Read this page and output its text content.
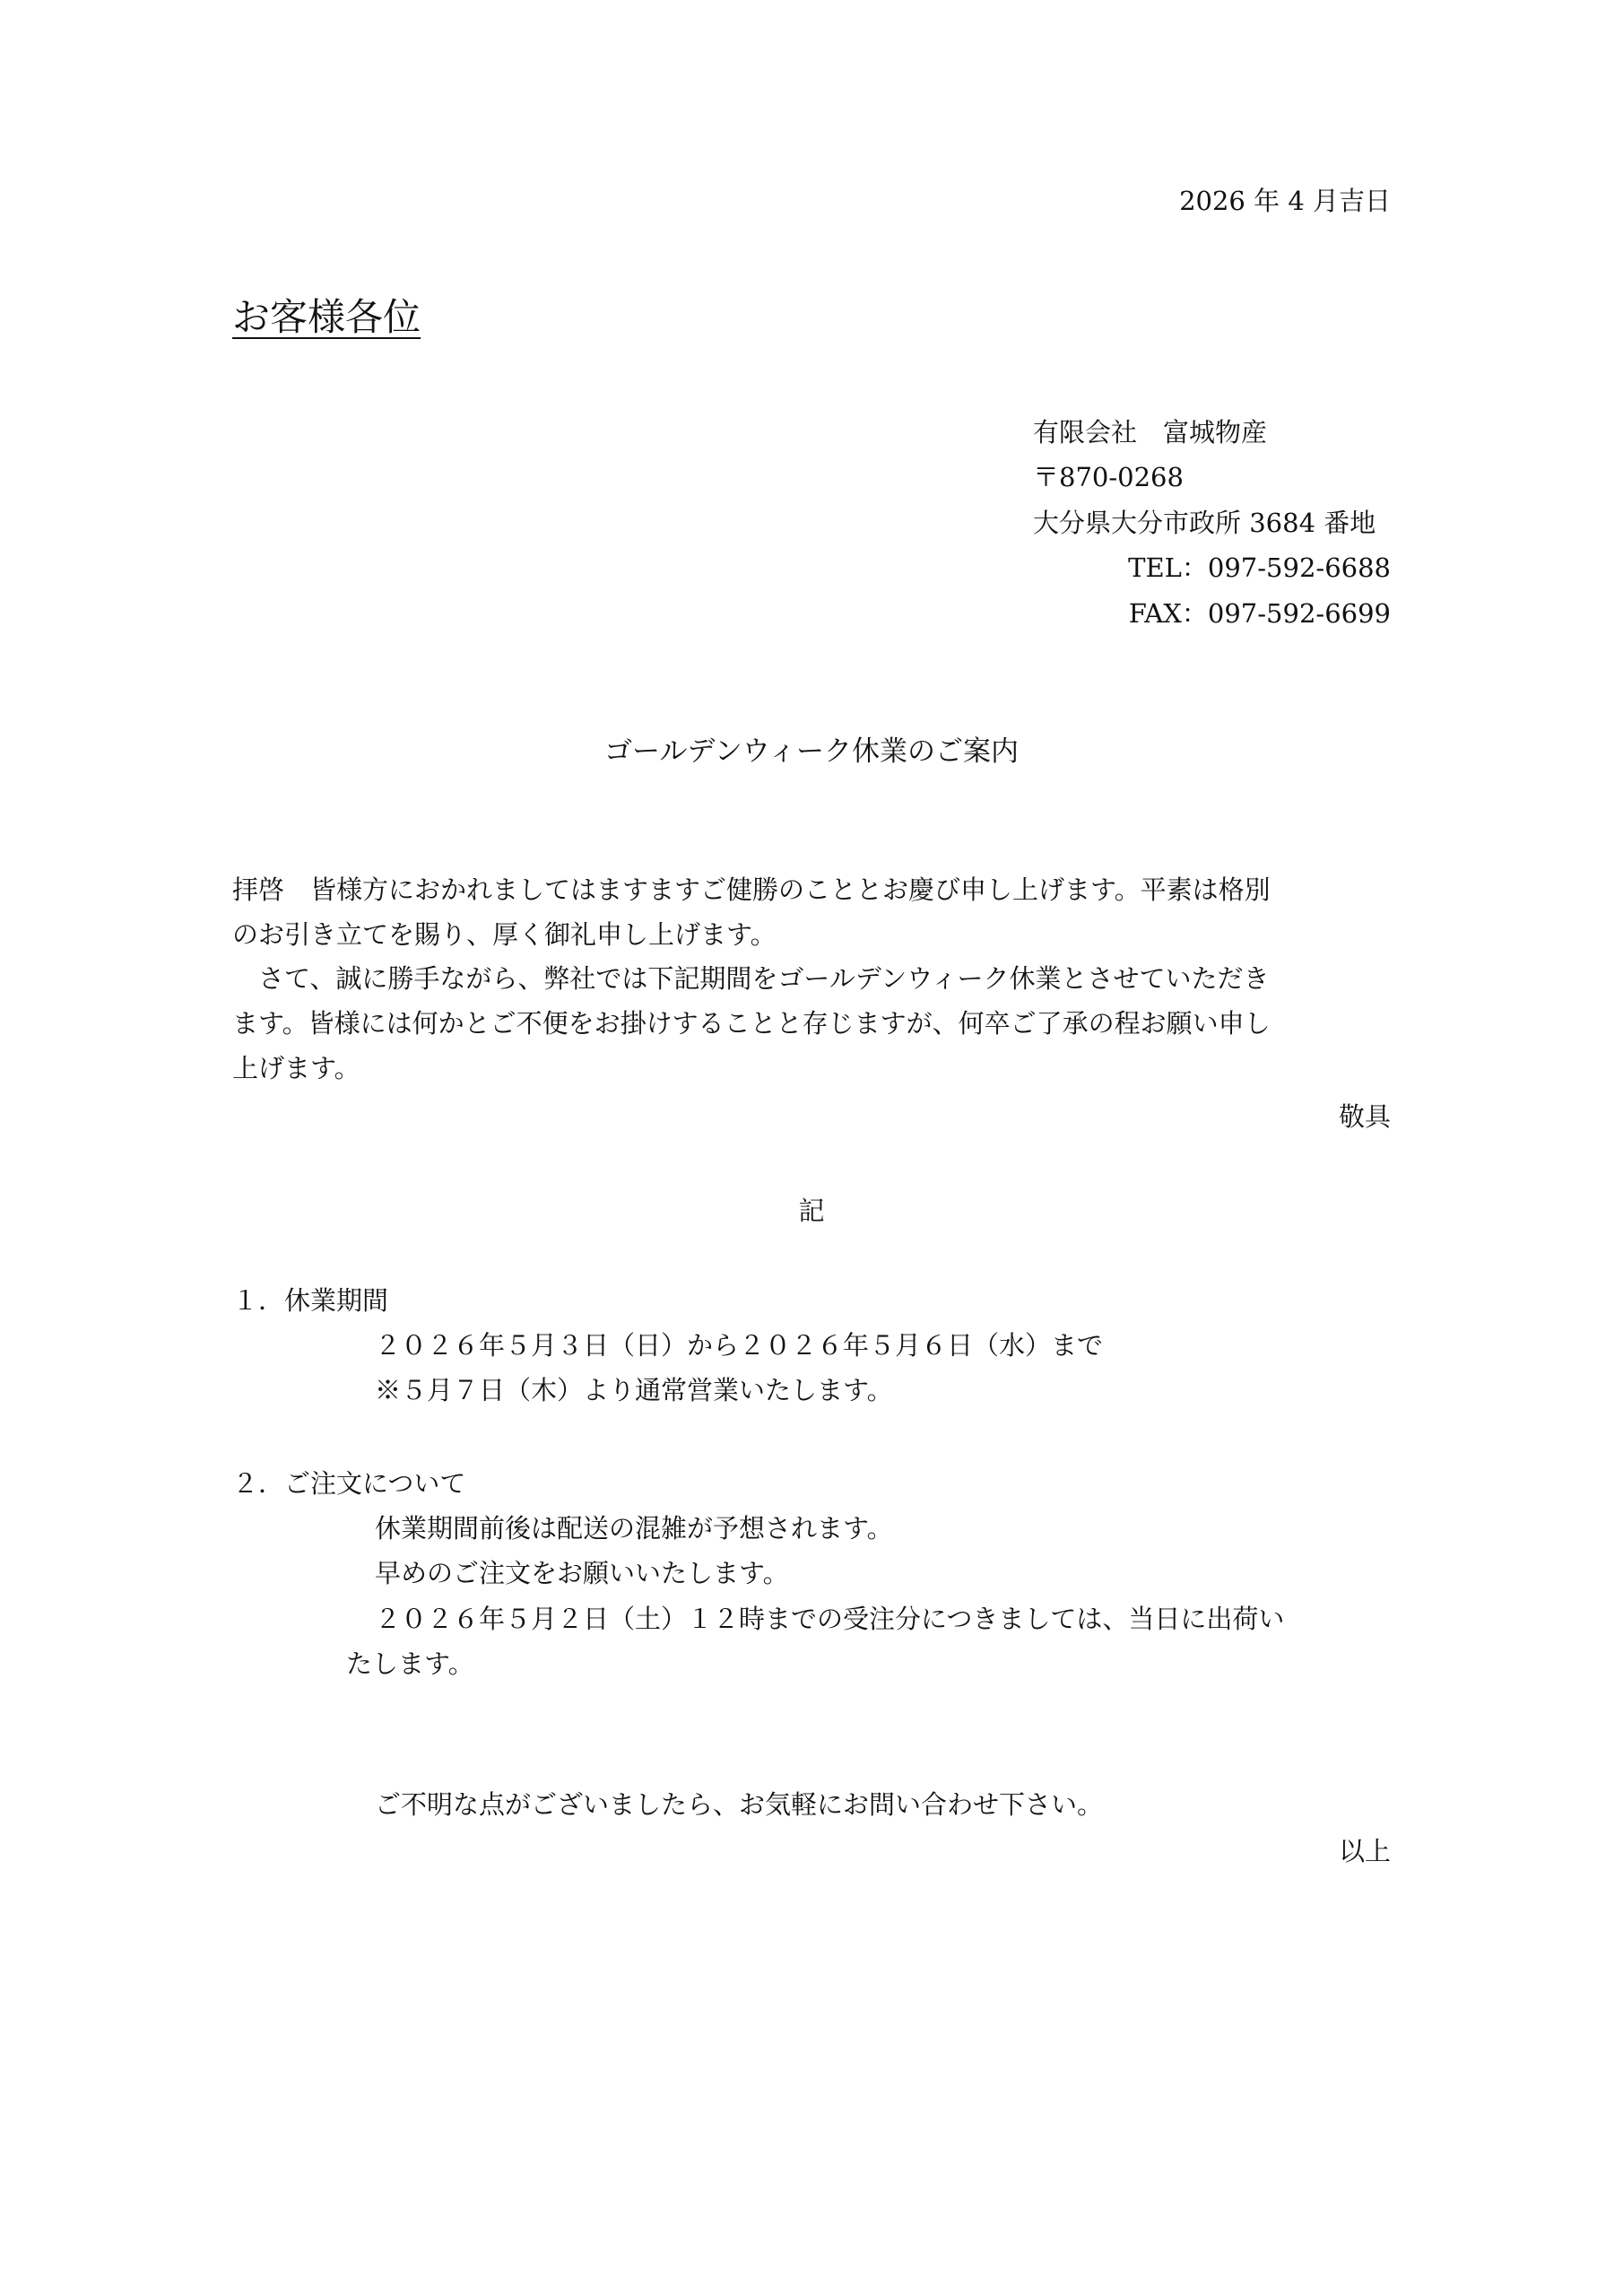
2026 年 4 月吉日
お客様各位
有限会社　富城物産
〒870-0268
大分県大分市政所 3684 番地
TEL：097-592-6688
FAX：097-592-6699
ゴールデンウィーク休業のご案内
拝啓　皆様方におかれましてはますますご健勝のこととお慶び申し上げます。平素は格別
のお引き立てを賜り、厚く御礼申し上げます。
　さて、誠に勝手ながら、弊社では下記期間をゴールデンウィーク休業とさせていただき
ます。皆様には何かとご不便をお掛けすることと存じますが、何卒ご了承の程お願い申し
上げます。
敬具
記
１．休業期間
２０２６年５月３日（日）から２０２６年５月６日（水）まで
※５月７日（木）より通常営業いたします。
２．ご注文について
休業期間前後は配送の混雑が予想されます。
早めのご注文をお願いいたします。
２０２６年５月２日（土）１２時までの受注分につきましては、当日に出荷い
たします。
ご不明な点がございましたら、お気軽にお問い合わせ下さい。
以上
